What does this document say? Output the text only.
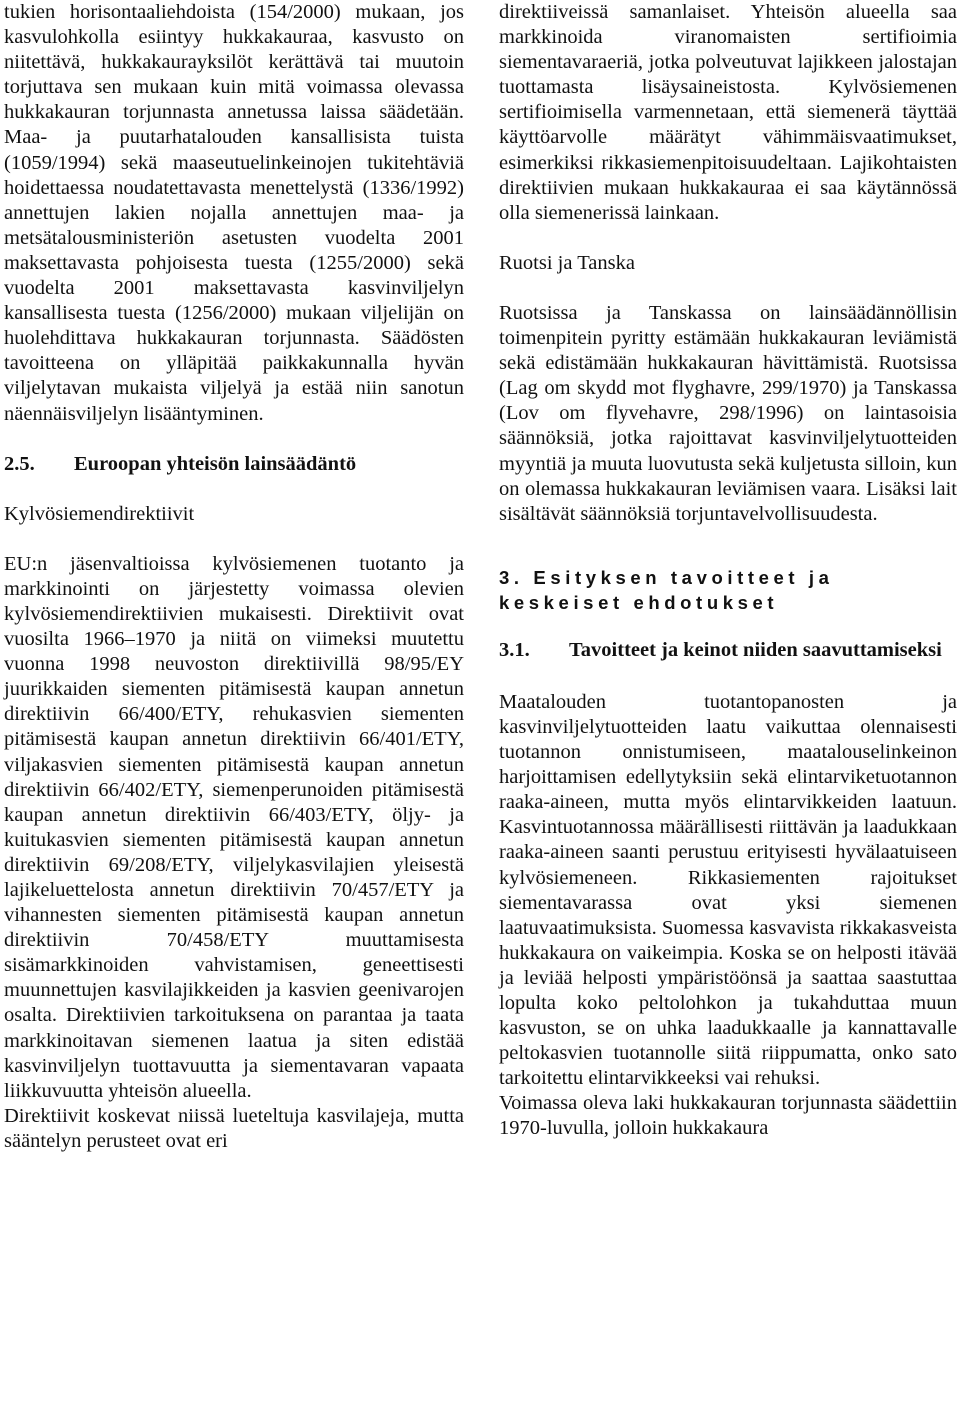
tukien horisontaaliehdoista (154/2000) mukaan, jos kasvulohkolla esiintyy hukkakauraa, kasvusto on niitettävä, hukkakaurayksilöt kerättävä tai muutoin torjuttava sen mukaan kuin mitä voimassa olevassa hukkakauran torjunnasta annetussa laissa säädetään. Maa- ja puutarhatalouden kansallisista tuista (1059/1994) sekä maaseutuelinkeinojen tukitehtäviä hoidettaessa noudatettavasta menettelystä (1336/1992) annettujen lakien nojalla annettujen maa- ja metsätalousministeriön asetusten vuodelta 2001 maksettavasta pohjoisesta tuesta (1255/2000) sekä vuodelta 2001 maksettavasta kasvinviljelyn kansallisesta tuesta (1256/2000) mukaan viljelijän on huolehdittava hukkakauran torjunnasta. Säädösten tavoitteena on ylläpitää paikkakunnalla hyvän viljelytavan mukaista viljelyä ja estää niin sanotun näennäisviljelyn lisääntyminen.

2.5. Euroopan yhteisön lainsäädäntö

Kylvösiemendirektiivit

EU:n jäsenvaltioissa kylvösiemenen tuotanto ja markkinointi on järjestetty voimassa olevien kylvösiemendirektiivien mukaisesti. Direktiivit ovat vuosilta 1966–1970 ja niitä on viimeksi muutettu vuonna 1998 neuvoston direktiivillä 98/95/EY juurikkaiden siementen pitämisestä kaupan annetun direktiivin 66/400/ETY, rehukasvien siementen pitämisestä kaupan annetun direktiivin 66/401/ETY, viljakasvien siementen pitämisestä kaupan annetun direktiivin 66/402/ETY, siemenperunoiden pitämisestä kaupan annetun direktiivin 66/403/ETY, öljy- ja kuitukasvien siementen pitämisestä kaupan annetun direktiivin 69/208/ETY, viljelykasvilajien yleisestä lajikeluettelosta annetun direktiivin 70/457/ETY ja vihannesten siementen pitämisestä kaupan annetun direktiivin 70/458/ETY muuttamisesta sisämarkkinoiden vahvistamisen, geneettisesti muunnettujen kasvilajikkeiden ja kasvien geenivarojen osalta. Direktiivien tarkoituksena on parantaa ja taata markkinoitavan siemenen laatua ja siten edistää kasvinviljelyn tuottavuutta ja siementavaran vapaata liikkuvuutta yhteisön alueella.

Direktiivit koskevat niissä lueteltuja kasvilajeja, mutta sääntelyn perusteet ovat eri

direktiiveissä samanlaiset. Yhteisön alueella saa markkinoida viranomaisten sertifioimia siementavaraeriä, jotka polveutuvat lajikkeen jalostajan tuottamasta lisäysaineistosta. Kylvösiemenen sertifioimisella varmennetaan, että siemenerä täyttää käyttöarvolle määrätyt vähimmäisvaatimukset, esimerkiksi rikkasiemenpitoisuudeltaan. Lajikohtaisten direktiivien mukaan hukkakauraa ei saa käytännössä olla siemenerissä lainkaan.

Ruotsi ja Tanska

Ruotsissa ja Tanskassa on lainsäädännöllisin toimenpitein pyritty estämään hukkakauran leviämistä sekä edistämään hukkakauran hävittämistä. Ruotsissa (Lag om skydd mot flyghavre, 299/1970) ja Tanskassa (Lov om flyvehavre, 298/1996) on laintasoisia säännöksiä, jotka rajoittavat kasvinviljelytuotteiden myyntiä ja muuta luovutusta sekä kuljetusta silloin, kun on olemassa hukkakauran leviämisen vaara. Lisäksi lait sisältävät säännöksiä torjuntavelvollisuudesta.

3. Esityksen tavoitteet ja keskeiset ehdotukset

3.1. Tavoitteet ja keinot niiden saavuttamiseksi

Maatalouden tuotantopanosten ja kasvinviljelytuotteiden laatu vaikuttaa olennaisesti tuotannon onnistumiseen, maatalouselinkeinon harjoittamisen edellytyksiin sekä elintarviketuotannon raaka-aineen, mutta myös elintarvikkeiden laatuun. Kasvintuotannossa määrällisesti riittävän ja laadukkaan raaka-aineen saanti perustuu erityisesti hyvälaatuiseen kylvösiemeneen. Rikkasiementen rajoitukset siementavarassa ovat yksi siemenen laatuvaatimuksista. Suomessa kasvavista rikkakasveista hukkakaura on vaikeimpia. Koska se on helposti itävää ja leviää helposti ympäristöönsä ja saattaa saastuttaa lopulta koko peltolohkon ja tukahduttaa muun kasvuston, se on uhka laadukkaalle ja kannattavalle peltokasvien tuotannolle siitä riippumatta, onko sato tarkoitettu elintarvikkeeksi vai rehuksi.

Voimassa oleva laki hukkakauran torjunnasta säädettiin 1970-luvulla, jolloin hukkakaura
